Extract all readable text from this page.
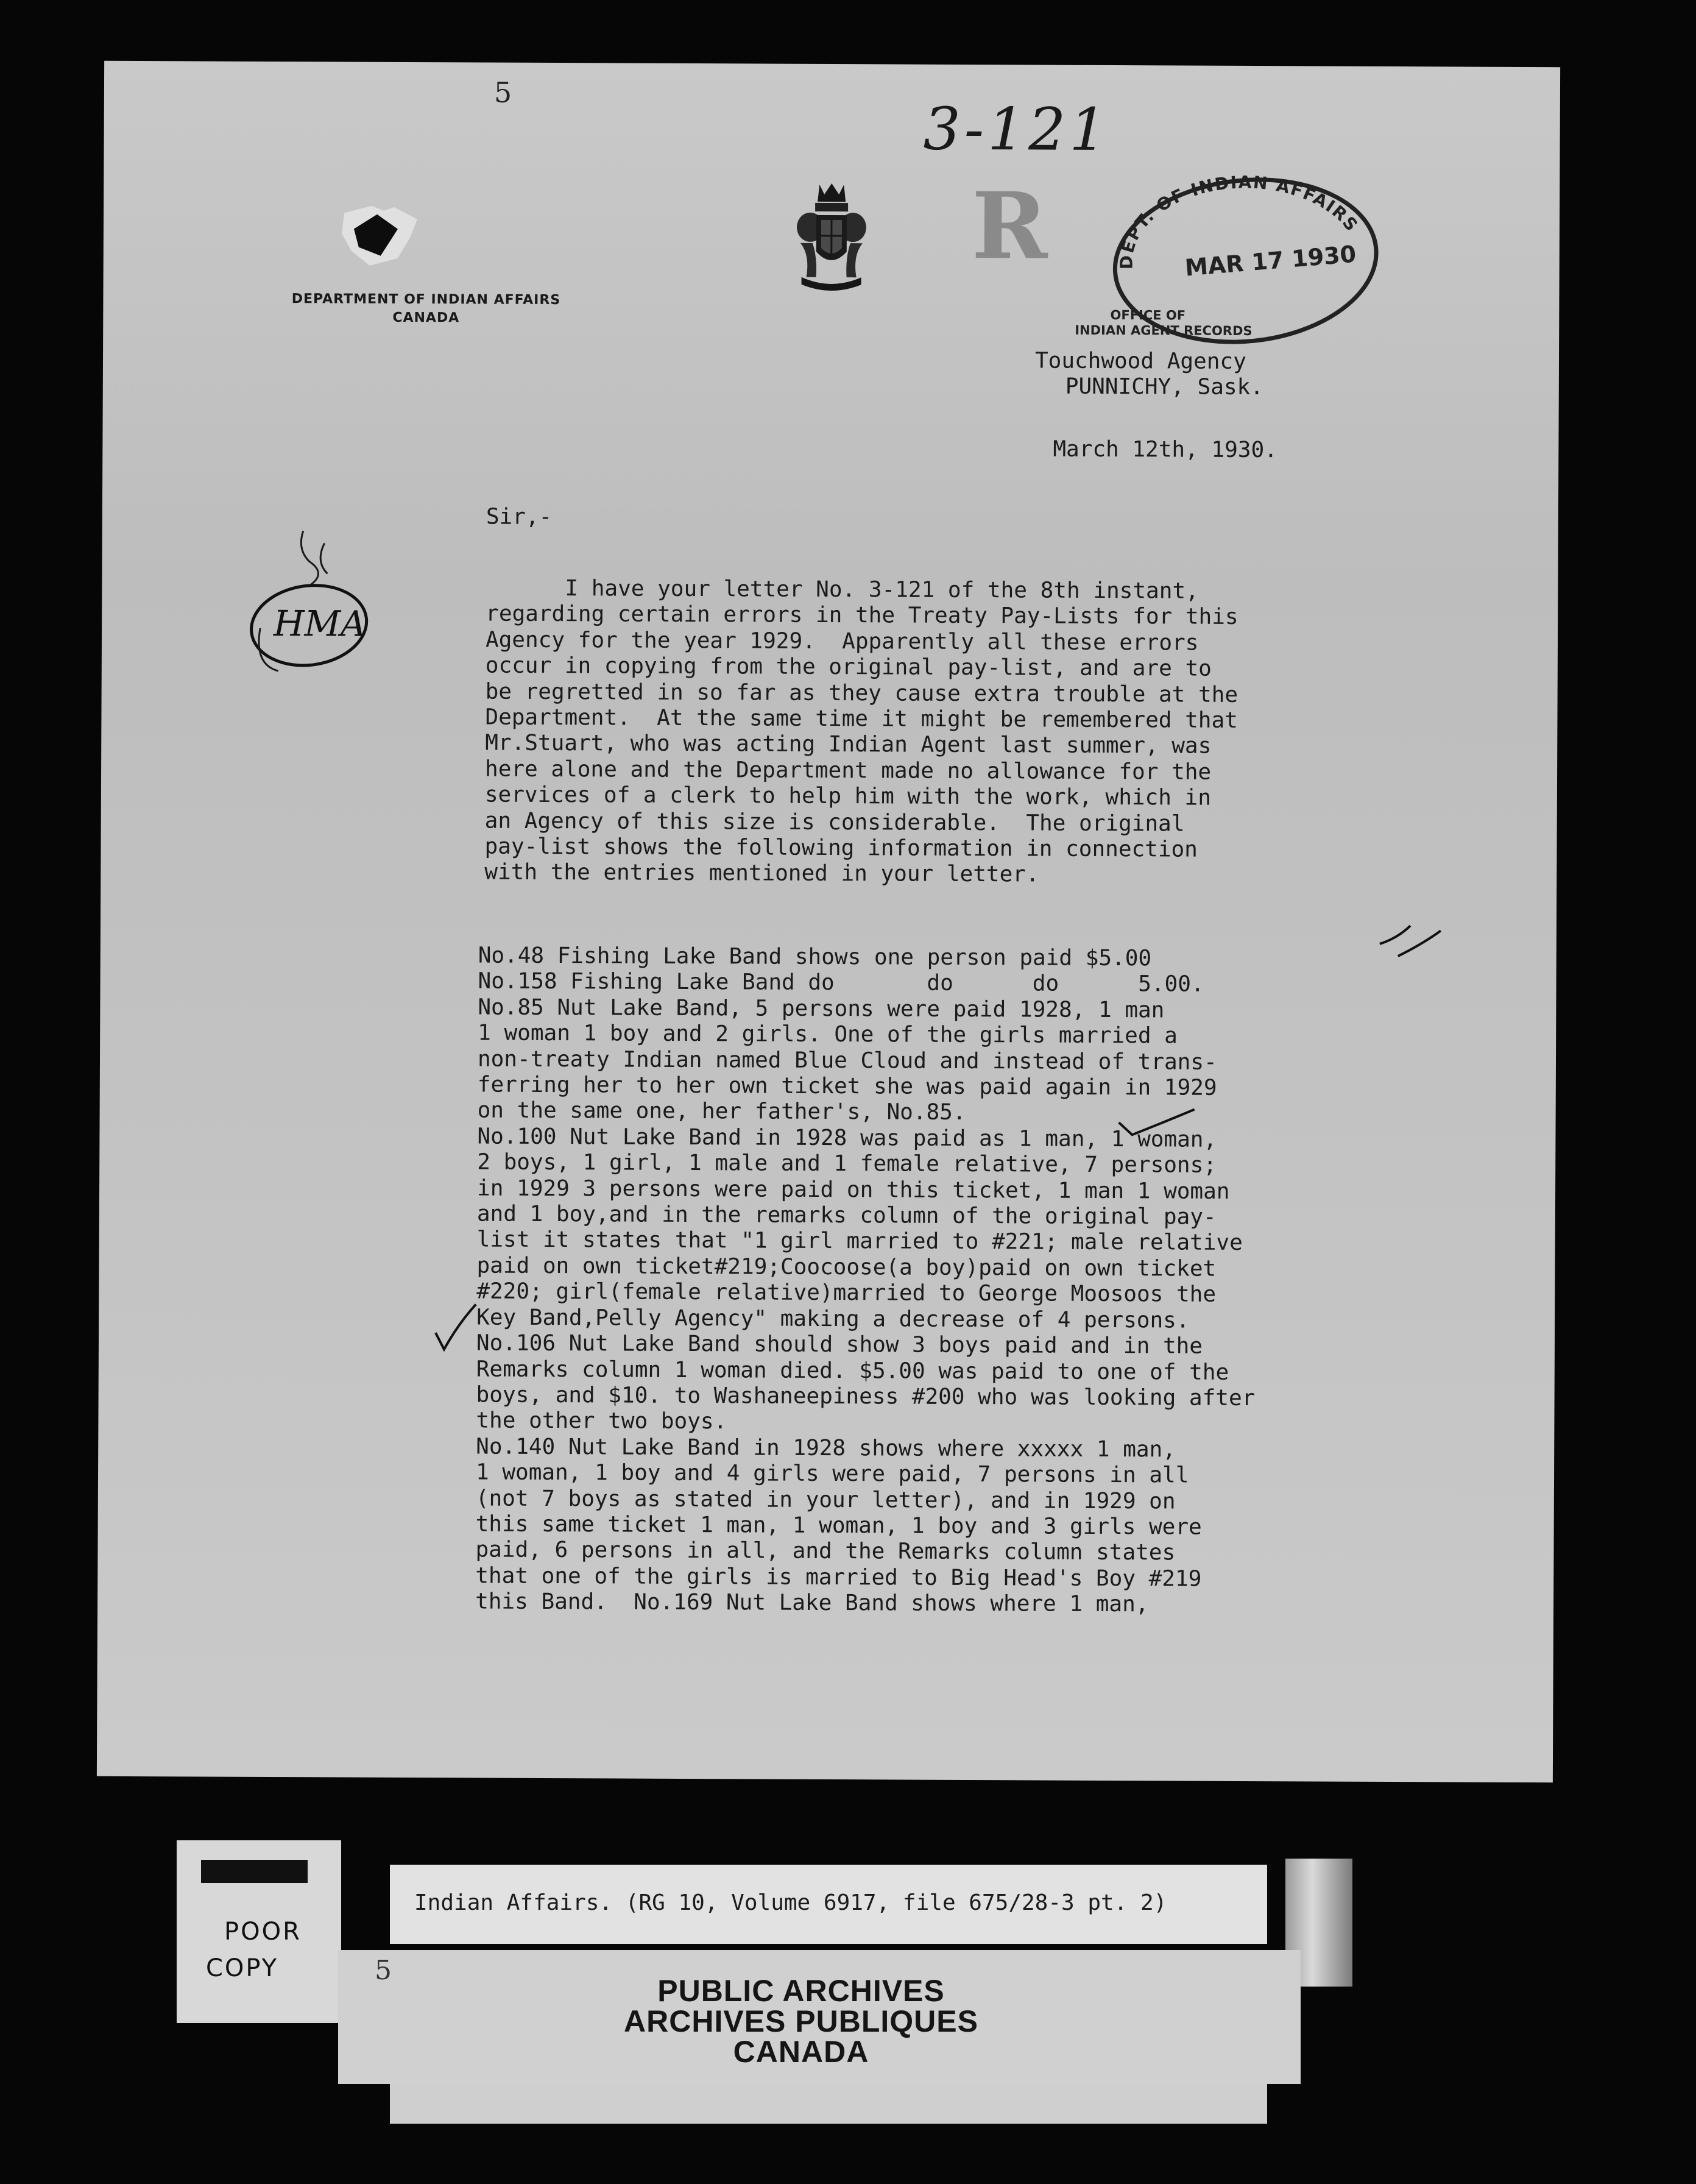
5
3-121
DEPARTMENT OF INDIAN AFFAIRS
CANADA
R	DEPT. OF INDIAN AFFAIRS
MAR 17 1930
OFFICE OF
INDIAN AGENT RECORDS
Touchwood Agency
PUNNICHY, Sask.
March 12th, 1930.
Sir,-
HMA
I have your letter No. 3-121 of the 8th instant,
regarding certain errors in the Treaty Pay-Lists for this
Agency for the year 1929.  Apparently all these errors
occur in copying from the original pay-list, and are to
be regretted in so far as they cause extra trouble at the
Department.  At the same time it might be remembered that
Mr.Stuart, who was acting Indian Agent last summer, was
here alone and the Department made no allowance for the
services of a clerk to help him with the work, which in
an Agency of this size is considerable.  The original
pay-list shows the following information in connection
with the entries mentioned in your letter.
No.48 Fishing Lake Band shows one person paid $5.00
No.158 Fishing Lake Band do       do      do      5.00.
No.85 Nut Lake Band, 5 persons were paid 1928, 1 man
1 woman 1 boy and 2 girls. One of the girls married a
non-treaty Indian named Blue Cloud and instead of trans-
ferring her to her own ticket she was paid again in 1929
on the same one, her father's, No.85.
No.100 Nut Lake Band in 1928 was paid as 1 man, 1 woman,
2 boys, 1 girl, 1 male and 1 female relative, 7 persons;
in 1929 3 persons were paid on this ticket, 1 man 1 woman
and 1 boy,and in the remarks column of the original pay-
list it states that "1 girl married to #221; male relative
paid on own ticket#219;Coocoose(a boy)paid on own ticket
#220; girl(female relative)married to George Moosoos the
Key Band,Pelly Agency" making a decrease of 4 persons.
No.106 Nut Lake Band should show 3 boys paid and in the
Remarks column 1 woman died. $5.00 was paid to one of the
boys, and $10. to Washaneepiness #200 who was looking after
the other two boys.
No.140 Nut Lake Band in 1928 shows where xxxxx 1 man,
1 woman, 1 boy and 4 girls were paid, 7 persons in all
(not 7 boys as stated in your letter), and in 1929 on
this same ticket 1 man, 1 woman, 1 boy and 3 girls were
paid, 6 persons in all, and the Remarks column states
that one of the girls is married to Big Head's Boy #219
this Band.  No.169 Nut Lake Band shows where 1 man,
POOR
COPY
Indian Affairs. (RG 10, Volume 6917, file 675/28-3 pt. 2)
5
PUBLIC ARCHIVES
ARCHIVES PUBLIQUES
CANADA
